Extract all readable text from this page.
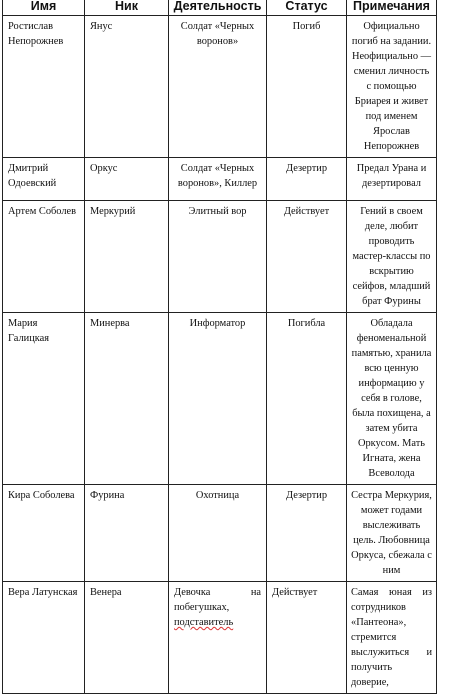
Имя	Ник	Деятельность	Статус	Примечания
Ростислав Непорожнев	Янус	Солдат «Черных воронов»	Погиб	Официально погиб на задании. Неофициально — сменил личность с помощью Бриарея и живет под именем Ярослав Непорожнев
Дмитрий Одоевский	Оркус	Солдат «Черных воронов», Киллер	Дезертир	Предал Урана и дезертировал
Артем Соболев	Меркурий	Элитный вор	Действует	Гений в своем деле, любит проводить мастер-классы по вскрытию сейфов, младший брат Фурины
Мария Галицкая	Минерва	Информатор	Погибла	Обладала феноменальной памятью, хранила всю ценную информацию у себя в голове, была похищена, а затем убита Оркусом. Мать Игната, жена Всеволода
Кира Соболева	Фурина	Охотница	Дезертир	Сестра Меркурия, может годами выслеживать цель. Любовница Оркуса, сбежала с ним
Вера Латунская	Венера	Девочка на побегушках, подставитель	Действует	Самая юная из сотрудников «Пантеона», стремится выслужиться и получить доверие,
